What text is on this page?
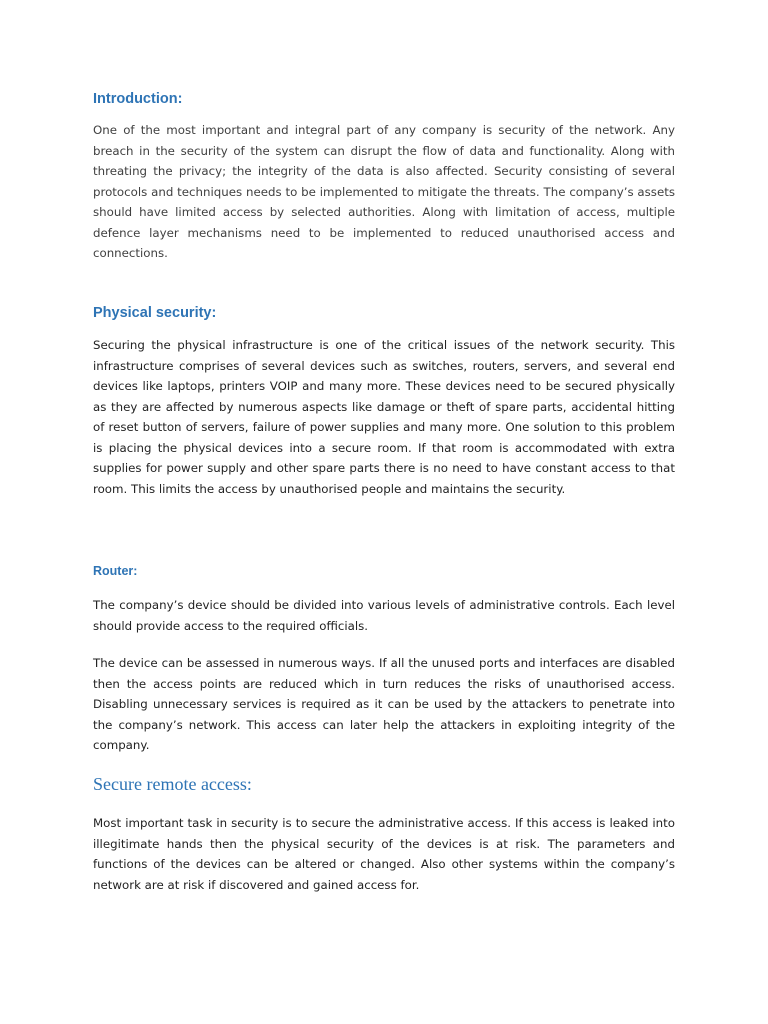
Introduction:

One of the most important and integral part of any company is security of the network. Any breach in the security of the system can disrupt the flow of data and functionality. Along with threating the privacy; the integrity of the data is also affected. Security consisting of several protocols and techniques needs to be implemented to mitigate the threats. The company’s assets should have limited access by selected authorities. Along with limitation of access, multiple defence layer mechanisms need to be implemented to reduced unauthorised access and connections.

Physical security:

Securing the physical infrastructure is one of the critical issues of the network security. This infrastructure comprises of several devices such as switches, routers, servers, and several end devices like laptops, printers VOIP and many more. These devices need to be secured physically as they are affected by numerous aspects like damage or theft of spare parts, accidental hitting of reset button of servers, failure of power supplies and many more. One solution to this problem is placing the physical devices into a secure room. If that room is accommodated with extra supplies for power supply and other spare parts there is no need to have constant access to that room. This limits the access by unauthorised people and maintains the security.

Router:

The company’s device should be divided into various levels of administrative controls. Each level should provide access to the required officials.

The device can be assessed in numerous ways. If all the unused ports and interfaces are disabled then the access points are reduced which in turn reduces the risks of unauthorised access. Disabling unnecessary services is required as it can be used by the attackers to penetrate into the company’s network. This access can later help the attackers in exploiting integrity of the company.

Secure remote access:

Most important task in security is to secure the administrative access. If this access is leaked into illegitimate hands then the physical security of the devices is at risk. The parameters and functions of the devices can be altered or changed. Also other systems within the company’s network are at risk if discovered and gained access for.
